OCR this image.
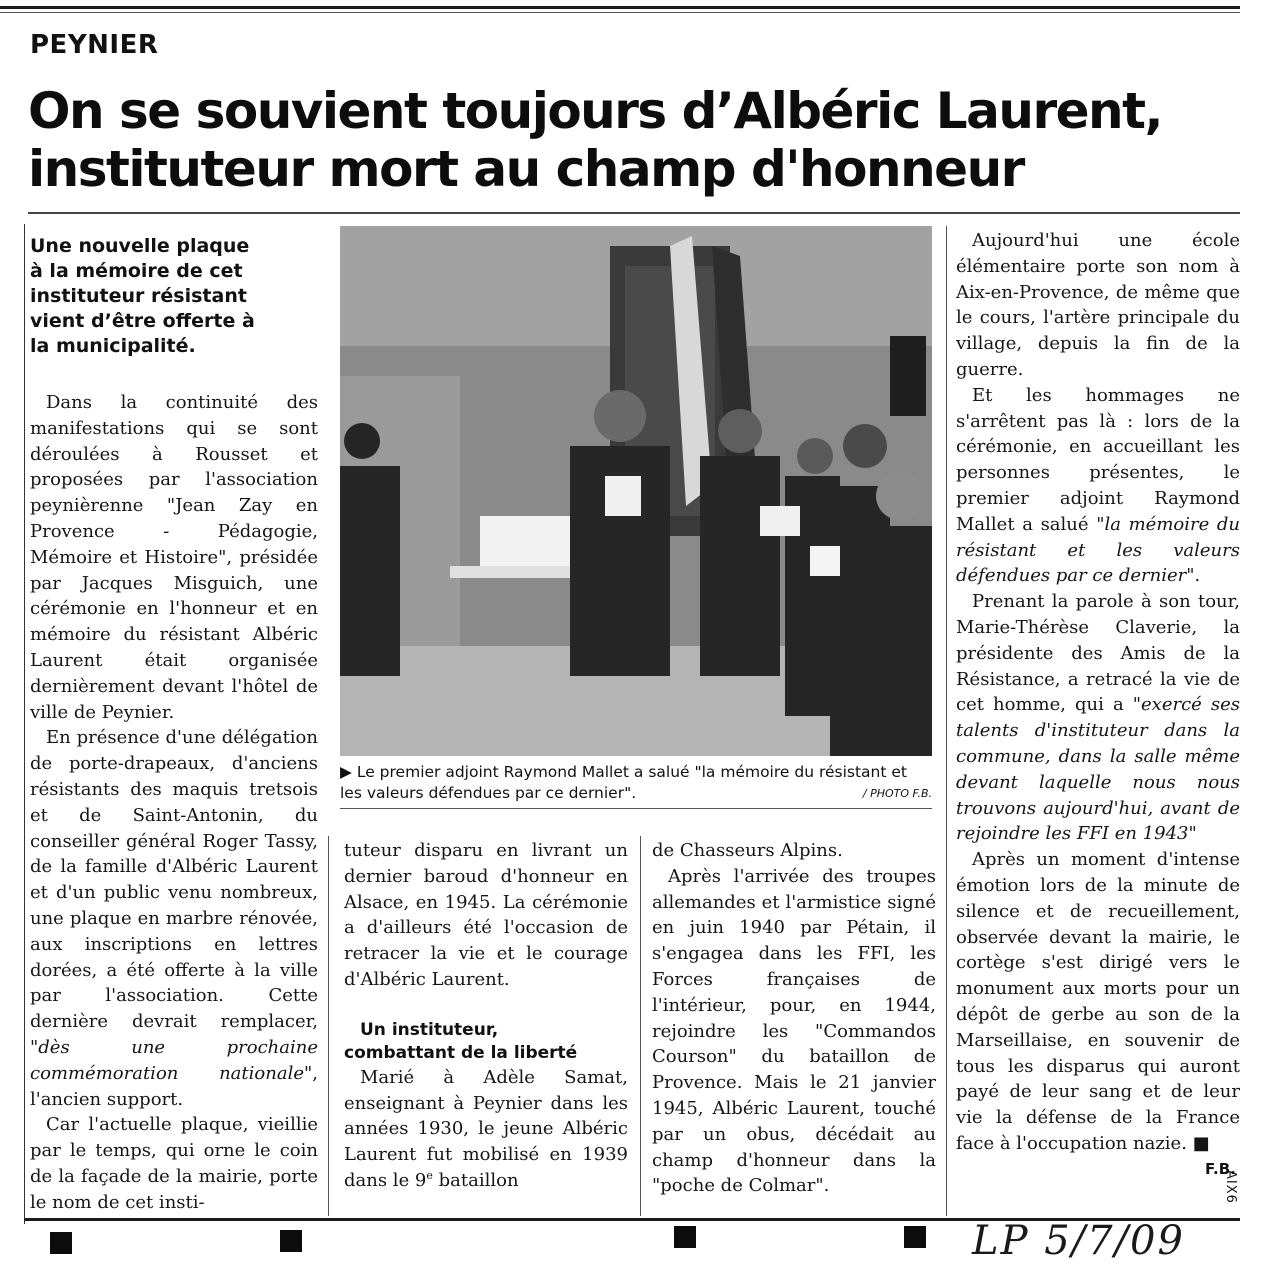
PEYNIER
On se souvient toujours d’Albéric Laurent,
instituteur mort au champ d'honneur
Une nouvelle plaque à la mémoire de cet instituteur résistant vient d’être offerte à la municipalité.

Dans la continuité des manifestations qui se sont déroulées à Rousset et proposées par l'association peynièrenne "Jean Zay en Provence - Pédagogie, Mémoire et Histoire", présidée par Jacques Misguich, une cérémonie en l'honneur et en mémoire du résistant Albéric Laurent était organisée dernièrement devant l'hôtel de ville de Peynier.

En présence d'une délégation de porte-drapeaux, d'anciens résistants des maquis tretsois et de Saint-Antonin, du conseiller général Roger Tassy, de la famille d'Albéric Laurent et d'un public venu nombreux, une plaque en marbre rénovée, aux inscriptions en lettres dorées, a été offerte à la ville par l'association. Cette dernière devrait remplacer, "dès une prochaine commémoration nationale", l'ancien support.

Car l'actuelle plaque, vieillie par le temps, qui orne le coin de la façade de la mairie, porte le nom de cet insti-

▶ Le premier adjoint Raymond Mallet a salué "la mémoire du résistant et les valeurs défendues par ce dernier".	/ PHOTO F.B.

tuteur disparu en livrant un dernier baroud d'honneur en Alsace, en 1945. La cérémonie a d'ailleurs été l'occasion de retracer la vie et le courage d'Albéric Laurent.

Un instituteur,
combattant de la liberté

Marié à Adèle Samat, enseignant à Peynier dans les années 1930, le jeune Albéric Laurent fut mobilisé en 1939 dans le 9e bataillon

de Chasseurs Alpins.

Après l'arrivée des troupes allemandes et l'armistice signé en juin 1940 par Pétain, il s'engagea dans les FFI, les Forces françaises de l'intérieur, pour, en 1944, rejoindre les "Commandos Courson" du bataillon de Provence. Mais le 21 janvier 1945, Albéric Laurent, touché par un obus, décédait au champ d'honneur dans la "poche de Colmar".

Aujourd'hui une école élémentaire porte son nom à Aix-en-Provence, de même que le cours, l'artère principale du village, depuis la fin de la guerre.

Et les hommages ne s'arrêtent pas là : lors de la cérémonie, en accueillant les personnes présentes, le premier adjoint Raymond Mallet a salué "la mémoire du résistant et les valeurs défendues par ce dernier".

Prenant la parole à son tour, Marie-Thérèse Claverie, la présidente des Amis de la Résistance, a retracé la vie de cet homme, qui a "exercé ses talents d'instituteur dans la commune, dans la salle même devant laquelle nous nous trouvons aujourd'hui, avant de rejoindre les FFI en 1943"

Après un moment d'intense émotion lors de la minute de silence et de recueillement, observée devant la mairie, le cortège s'est dirigé vers le monument aux morts pour un dépôt de gerbe au son de la Marseillaise, en souvenir de tous les disparus qui auront payé de leur sang et de leur vie la défense de la France face à l'occupation nazie. ■

F.B.
AIX6
LP 5/7/09
